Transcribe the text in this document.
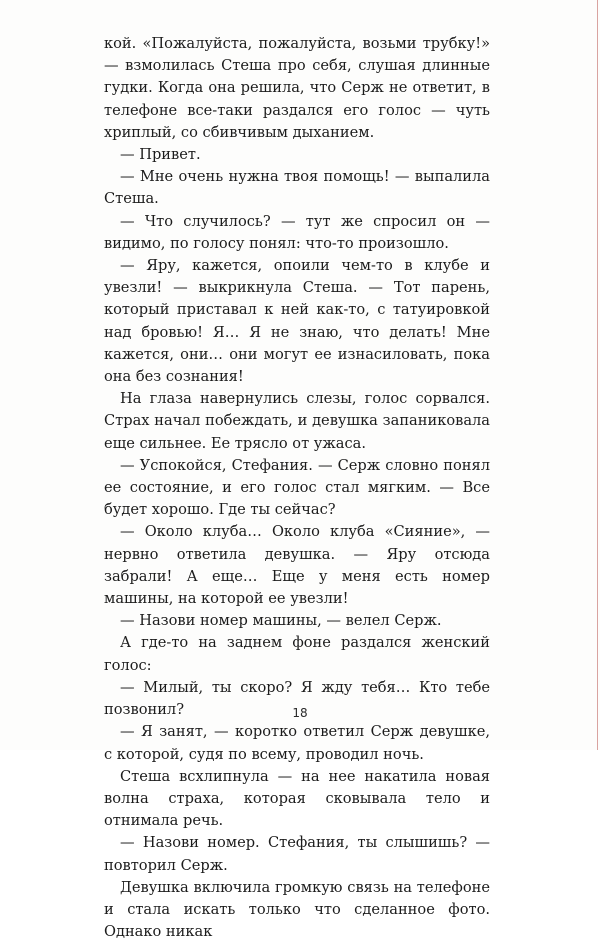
кой. «Пожалуйста, пожалуйста, возьми трубку!» — взмолилась Стеша про себя, слушая длинные гудки. Когда она решила, что Серж не ответит, в телефоне все-таки раздался его голос — чуть хриплый, со сбивчивым дыханием.

— Привет.

— Мне очень нужна твоя помощь! — выпалила Стеша.

— Что случилось? — тут же спросил он — видимо, по голосу понял: что-то произошло.

— Яру, кажется, опоили чем-то в клубе и увезли! — выкрикнула Стеша. — Тот парень, который приставал к ней как-то, с татуировкой над бровью! Я… Я не знаю, что делать! Мне кажется, они… они могут ее изнасиловать, пока она без сознания!

На глаза навернулись слезы, голос сорвался. Страх начал побеждать, и девушка запаниковала еще сильнее. Ее трясло от ужаса.

— Успокойся, Стефания. — Серж словно понял ее состояние, и его голос стал мягким. — Все будет хорошо. Где ты сейчас?

— Около клуба… Около клуба «Сияние», — нервно ответила девушка. — Яру отсюда забрали! А еще… Еще у меня есть номер машины, на которой ее увезли!

— Назови номер машины, — велел Серж.

А где-то на заднем фоне раздался женский голос:

— Милый, ты скоро? Я жду тебя… Кто тебе позвонил?

— Я занят, — коротко ответил Серж девушке, с которой, судя по всему, проводил ночь.

Стеша всхлипнула — на нее накатила новая волна страха, которая сковывала тело и отнимала речь.

— Назови номер. Стефания, ты слышишь? — повторил Серж.

Девушка включила громкую связь на телефоне и стала искать только что сделанное фото. Однако никак

18
